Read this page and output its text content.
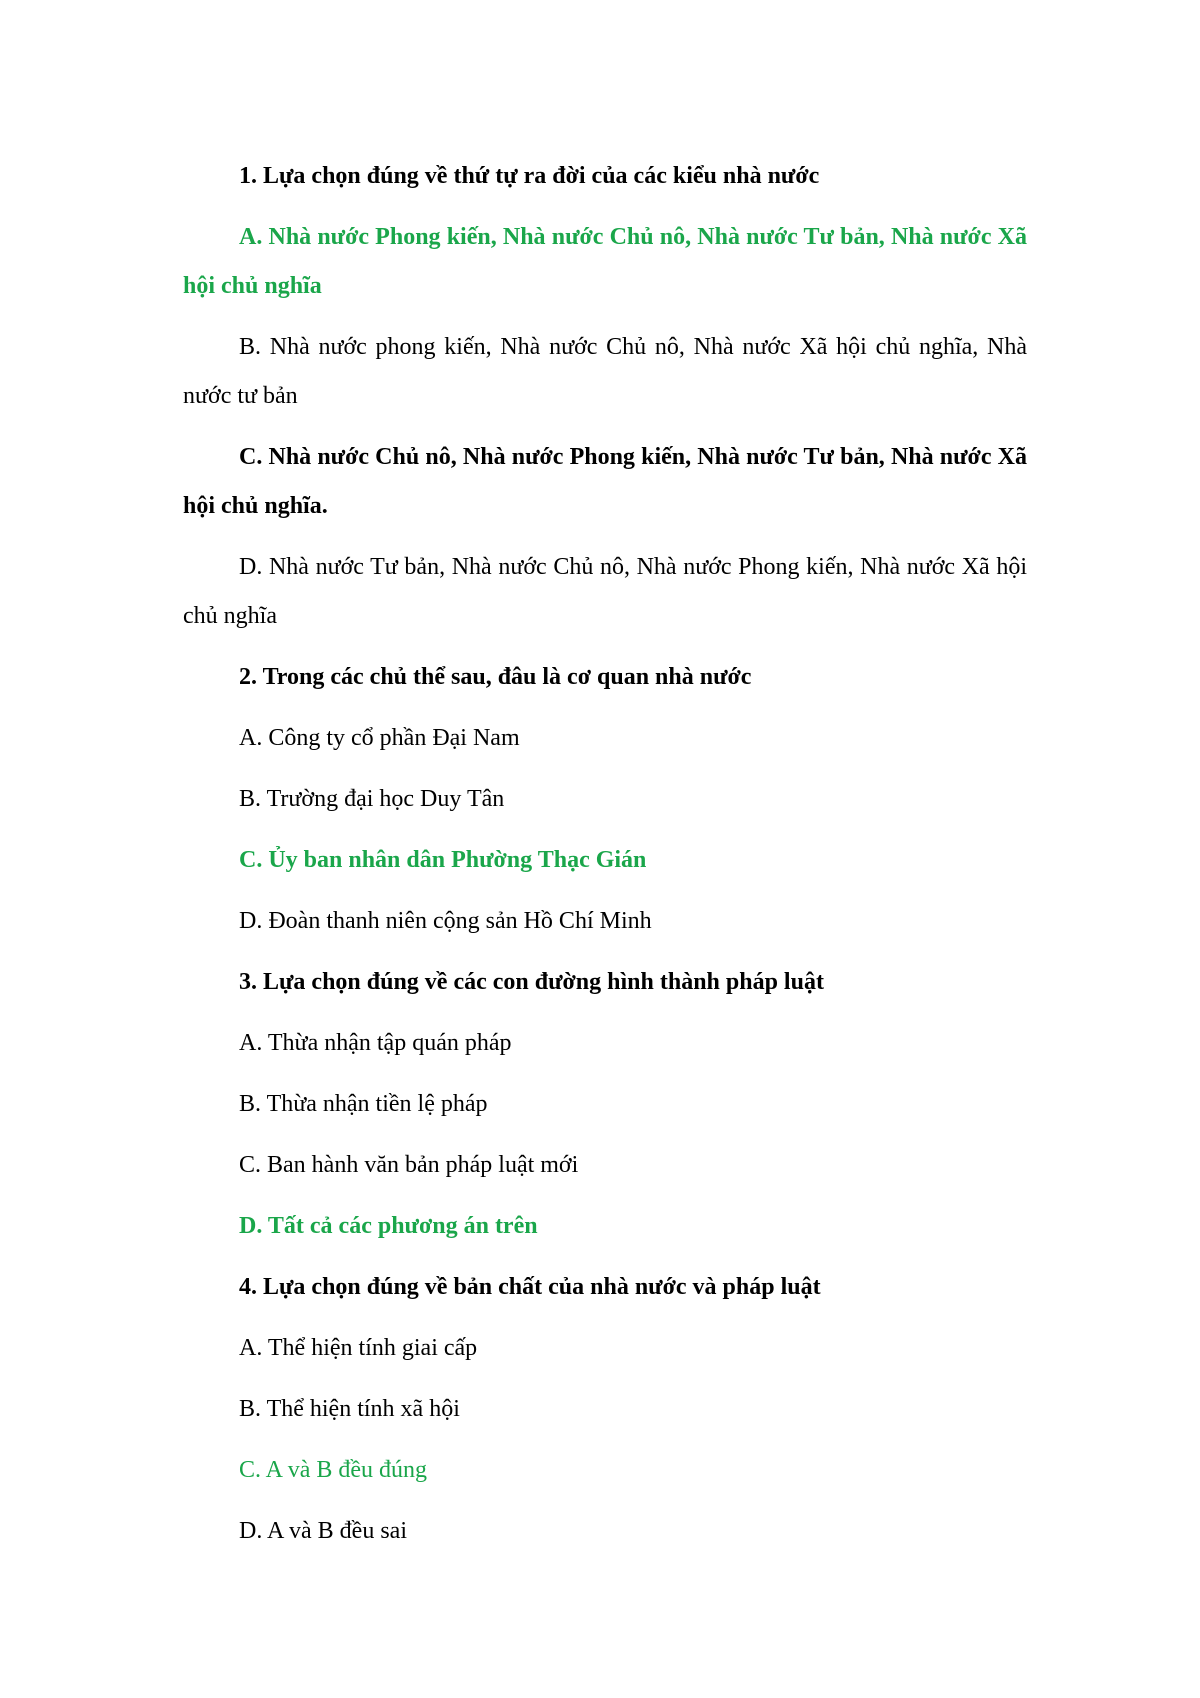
1. Lựa chọn đúng về thứ tự ra đời của các kiểu nhà nước

A. Nhà nước Phong kiến, Nhà nước Chủ nô, Nhà nước Tư bản, Nhà nước Xã hội chủ nghĩa

B. Nhà nước phong kiến, Nhà nước Chủ nô, Nhà nước Xã hội chủ nghĩa, Nhà nước tư bản

C. Nhà nước Chủ nô, Nhà nước Phong kiến, Nhà nước Tư bản, Nhà nước Xã hội chủ nghĩa.

D. Nhà nước Tư bản, Nhà nước Chủ nô, Nhà nước Phong kiến, Nhà nước Xã hội chủ nghĩa

2. Trong các chủ thể sau, đâu là cơ quan nhà nước

A. Công ty cổ phần Đại Nam

B. Trường đại học Duy Tân

C. Ủy ban nhân dân Phường Thạc Gián

D. Đoàn thanh niên cộng sản Hồ Chí Minh

3. Lựa chọn đúng về các con đường hình thành pháp luật

A. Thừa nhận tập quán pháp

B. Thừa nhận tiền lệ pháp

C. Ban hành văn bản pháp luật mới

D. Tất cả các phương án trên

4. Lựa chọn đúng về bản chất của nhà nước và pháp luật

A. Thể hiện tính giai cấp

B. Thể hiện tính xã hội

C. A và B đều đúng

D. A và B đều sai
